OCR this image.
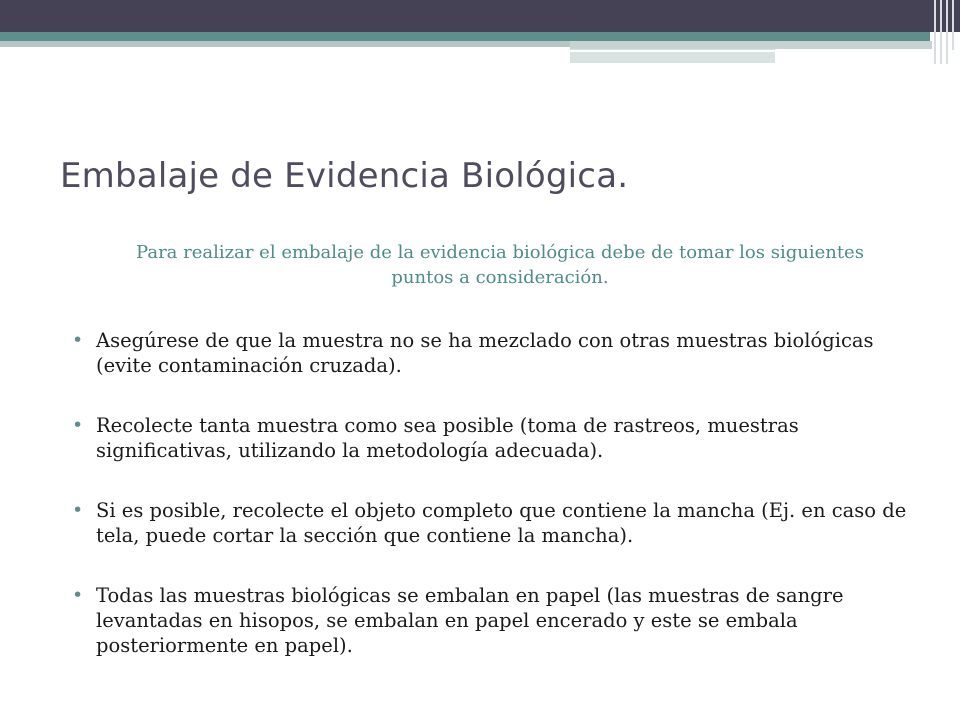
Embalaje de Evidencia Biológica.
Para realizar el embalaje de la evidencia biológica debe de tomar los siguientes puntos a consideración.
• Asegúrese de que la muestra no se ha mezclado con otras muestras biológicas (evite contaminación cruzada).
• Recolecte tanta muestra como sea posible (toma de rastreos, muestras significativas, utilizando la metodología adecuada).
• Si es posible, recolecte el objeto completo que contiene la mancha (Ej. en caso de tela, puede cortar la sección que contiene la mancha).
• Todas las muestras biológicas se embalan en papel (las muestras de sangre levantadas en hisopos, se embalan en papel encerado y este se embala posteriormente en papel).
